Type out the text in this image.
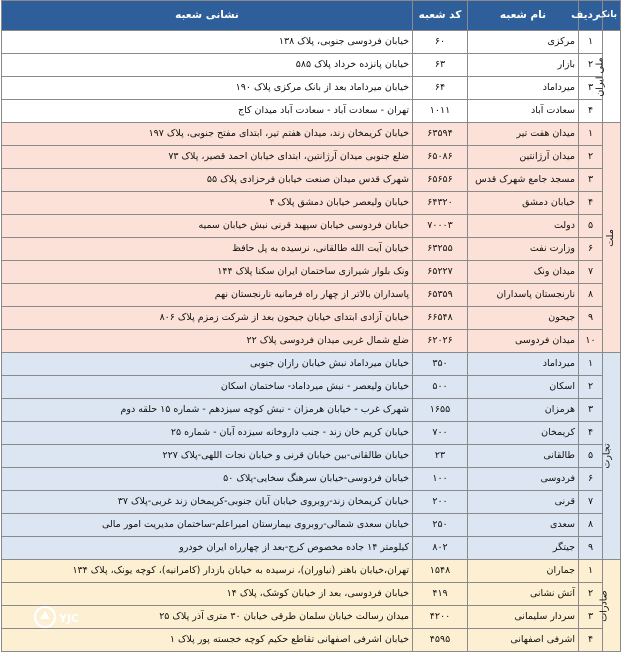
بانک	ردیف	نام شعبه	کد شعبه	نشانی شعبه
ملی ایران	۱	مرکزی	۶۰	خیابان فردوسی جنوبی، پلاک ۱۳۸
	۲	بازار	۶۳	خیابان پانزده خرداد پلاک ۵۸۵
	۳	میرداماد	۶۴	خیابان میرداماد بعد از بانک مرکزی پلاک ۱۹۰
	۴	سعادت آباد	۱۰۱۱	تهران - سعادت آباد - سعادت آباد میدان کاج
ملت	۱	میدان هفت تیر	۶۳۵۹۴	خیابان کریمخان زند، میدان هفتم تیر، ابتدای مفتح جنوبی، پلاک ۱۹۷
	۲	میدان آرژانتین	۶۵۰۸۶	ضلع جنوبی میدان آرژانتین، ابتدای خیابان احمد قصیر، پلاک ۷۳
	۳	مسجد جامع شهرک قدس	۶۵۶۵۶	شهرک قدس میدان صنعت خیابان فرحزادی پلاک ۵۵
	۴	خیابان دمشق	۶۴۳۲۰	خیابان ولیعصر خیابان دمشق پلاک ۴
	۵	دولت	۷۰۰۰۳	خیابان فردوسی خیابان سپهبد قرنی نبش خیابان سمیه
	۶	وزارت نفت	۶۳۲۵۵	خیابان آیت الله طالقانی، نرسیده به پل حافظ
	۷	میدان ونک	۶۵۲۲۷	ونک بلوار شیرازی ساختمان ایران سکنا پلاک ۱۴۴
	۸	نارنجستان پاسداران	۶۵۳۵۹	پاسداران بالاتر از چهار راه فرمانیه نارنجستان نهم
	۹	جیحون	۶۶۵۴۸	خیابان آزادی ابتدای خیابان جیحون بعد از شرکت زمزم پلاک ۸۰۶
	۱۰	میدان فردوسی	۶۲۰۲۶	ضلع شمال غربی میدان فردوسی پلاک ۲۲
تجارت	۱	میرداماد	۳۵۰	خیابان میرداماد نبش خیابان رازان جنوبی
	۲	اسکان	۵۰۰	خیابان ولیعصر - نبش میرداماد- ساختمان اسکان
	۳	هرمزان	۱۶۵۵	شهرک غرب - خیابان هرمزان - نبش کوچه سیزدهم - شماره ۱۵ حلقه دوم
	۴	کریمخان	۷۰۰	خیابان کریم خان زند - جنب داروخانه سیزده آبان - شماره ۲۵
	۵	طالقانی	۲۳	خیابان طالقانی-بین خیابان قرنی و خیابان نجات اللهی-پلاک ۲۲۷
	۶	فردوسی	۱۰۰	خیابان فردوسی-خیابان سرهنگ سخایی-پلاک ۵۰
	۷	قرنی	۲۰۰	خیابان کریمخان زند-روبروی خیابان آبان جنوبی-کریمخان زند غربی-پلاک ۳۷
	۸	سعدی	۲۵۰	خیابان سعدی شمالی-روبروی بیمارستان امیراعلم-ساختمان مدیریت امور مالی
	۹	جیتگر	۸۰۲	کیلومتر ۱۴ جاده مخصوص کرج-بعد از چهارراه ایران خودرو
صادرات	۱	جماران	۱۵۴۸	تهران،خیابان باهنر (نیاوران)، نرسیده به خیابان بازدار (کامرانیه)، کوچه یونک، پلاک ۱۳۴
	۲	آتش نشانی	۴۱۹	خیابان فردوسی، بعد از خیابان کوشک، پلاک ۱۴
	۳	سردار سلیمانی	۴۲۰۰	میدان رسالت خیابان سلمان طرقی خیابان ۳۰ متری آذر پلاک ۲۵
	۴	اشرفی اصفهانی	۴۵۹۵	خیابان اشرفی اصفهانی تقاطع حکیم کوچه خجسته پور پلاک ۱
YJC
